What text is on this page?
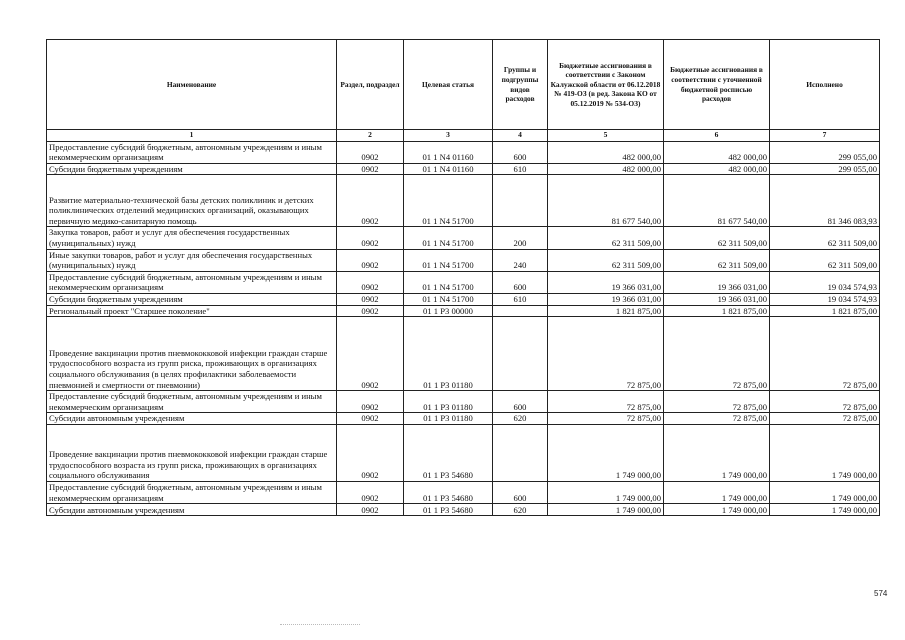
Наименование	Раздел, подраздел	Целевая статья	Группы и подгруппы видов расходов	Бюджетные ассигнования в соответствии с Законом Калужской области от 06.12.2018 № 419-ОЗ (в ред. Закона КО от 05.12.2019 № 534-ОЗ)	Бюджетные ассигнования в соответствии с уточненной бюджетной росписью расходов	Исполнено
1	2	3	4	5	6	7
Предоставление субсидий бюджетным, автономным учреждениям и иным некоммерческим организациям	0902	01 1 N4 01160	600	482 000,00	482 000,00	299 055,00
Субсидии бюджетным учреждениям	0902	01 1 N4 01160	610	482 000,00	482 000,00	299 055,00
Развитие материально-технической базы детских поликлиник и детских поликлинических отделений медицинских организаций, оказывающих первичную медико-санитарную помощь	0902	01 1 N4 51700		81 677 540,00	81 677 540,00	81 346 083,93
Закупка товаров, работ и услуг для обеспечения государственных (муниципальных) нужд	0902	01 1 N4 51700	200	62 311 509,00	62 311 509,00	62 311 509,00
Иные закупки товаров, работ и услуг для обеспечения государственных (муниципальных) нужд	0902	01 1 N4 51700	240	62 311 509,00	62 311 509,00	62 311 509,00
Предоставление субсидий бюджетным, автономным учреждениям и иным некоммерческим организациям	0902	01 1 N4 51700	600	19 366 031,00	19 366 031,00	19 034 574,93
Субсидии бюджетным учреждениям	0902	01 1 N4 51700	610	19 366 031,00	19 366 031,00	19 034 574,93
Региональный проект "Старшее поколение"	0902	01 1 P3 00000		1 821 875,00	1 821 875,00	1 821 875,00
Проведение вакцинации против пневмококковой инфекции граждан старше трудоспособного возраста из групп риска, проживающих в организациях социального обслуживания (в целях профилактики заболеваемости пневмонией и смертности от пневмонии)	0902	01 1 P3 01180		72 875,00	72 875,00	72 875,00
Предоставление субсидий бюджетным, автономным учреждениям и иным некоммерческим организациям	0902	01 1 P3 01180	600	72 875,00	72 875,00	72 875,00
Субсидии автономным учреждениям	0902	01 1 P3 01180	620	72 875,00	72 875,00	72 875,00
Проведение вакцинации против пневмококковой инфекции граждан старше трудоспособного возраста из групп риска, проживающих в организациях социального обслуживания	0902	01 1 P3 54680		1 749 000,00	1 749 000,00	1 749 000,00
Предоставление субсидий бюджетным, автономным учреждениям и иным некоммерческим организациям	0902	01 1 P3 54680	600	1 749 000,00	1 749 000,00	1 749 000,00
Субсидии автономным учреждениям	0902	01 1 P3 54680	620	1 749 000,00	1 749 000,00	1 749 000,00
574
